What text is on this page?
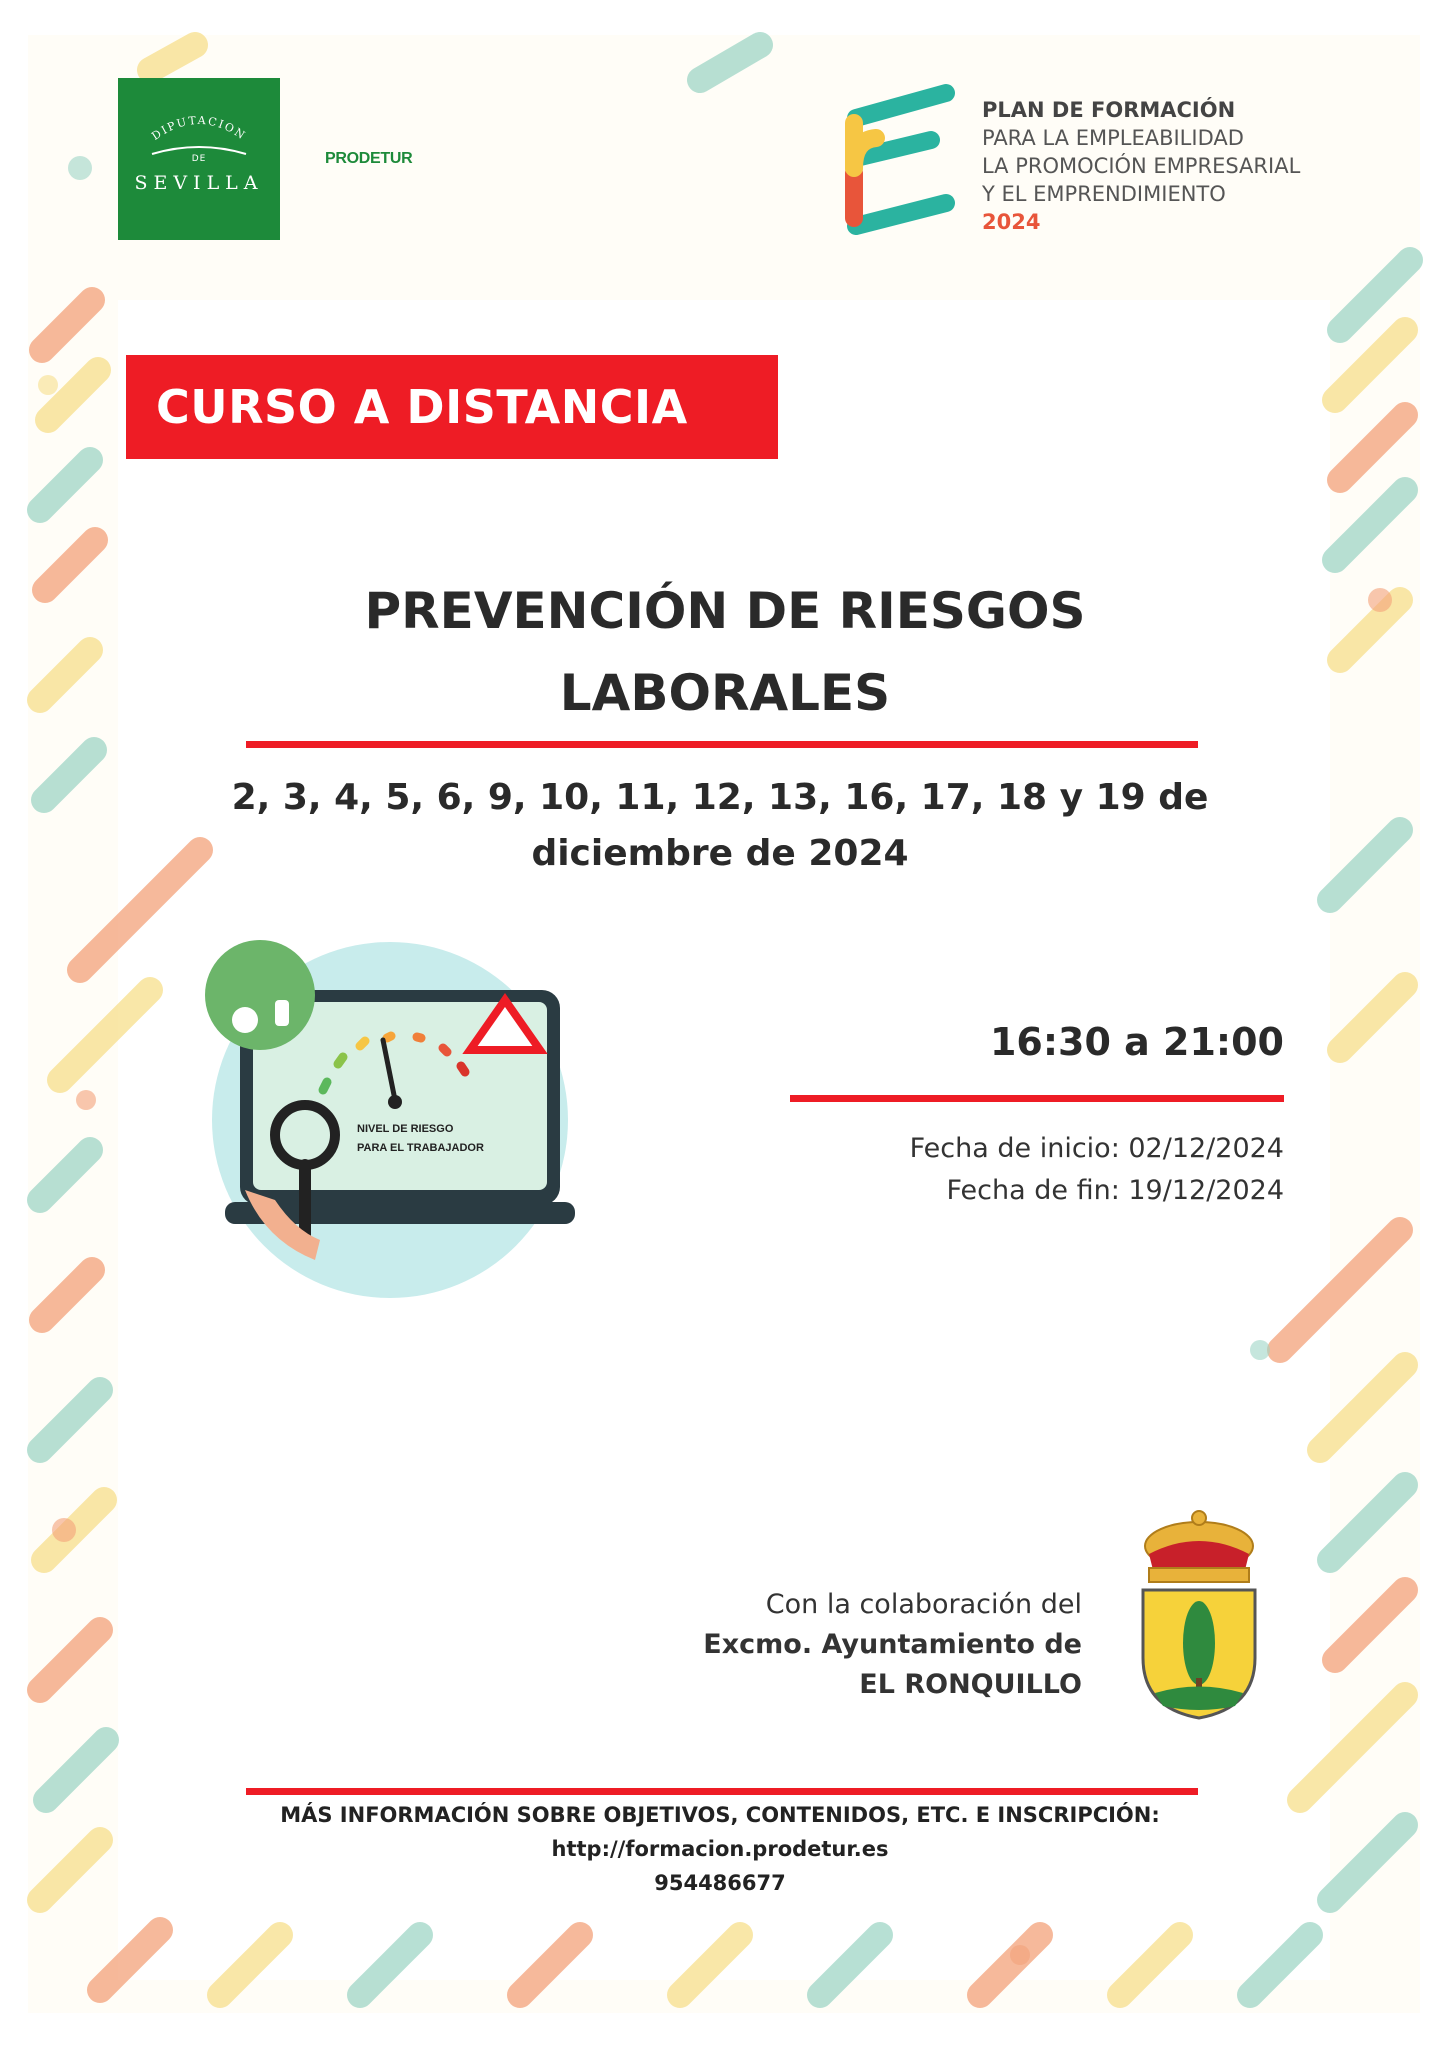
DIPUTACION
DE
SEVILLA
PRODETUR
PLAN DE FORMACIÓN
PARA LA EMPLEABILIDAD
LA PROMOCIÓN EMPRESARIAL
Y EL EMPRENDIMIENTO
2024
CURSO A DISTANCIA
PREVENCIÓN DE RIESGOS
LABORALES
2, 3, 4, 5, 6, 9, 10, 11, 12, 13, 16, 17, 18 y 19 de
diciembre de 2024
NIVEL DE RIESGO
PARA EL TRABAJADOR
16:30 a 21:00
Fecha de inicio: 02/12/2024
Fecha de fin: 19/12/2024
Con la colaboración del
Excmo. Ayuntamiento de
EL RONQUILLO
MÁS INFORMACIÓN SOBRE OBJETIVOS, CONTENIDOS, ETC. E INSCRIPCIÓN:
http://formacion.prodetur.es
954486677
